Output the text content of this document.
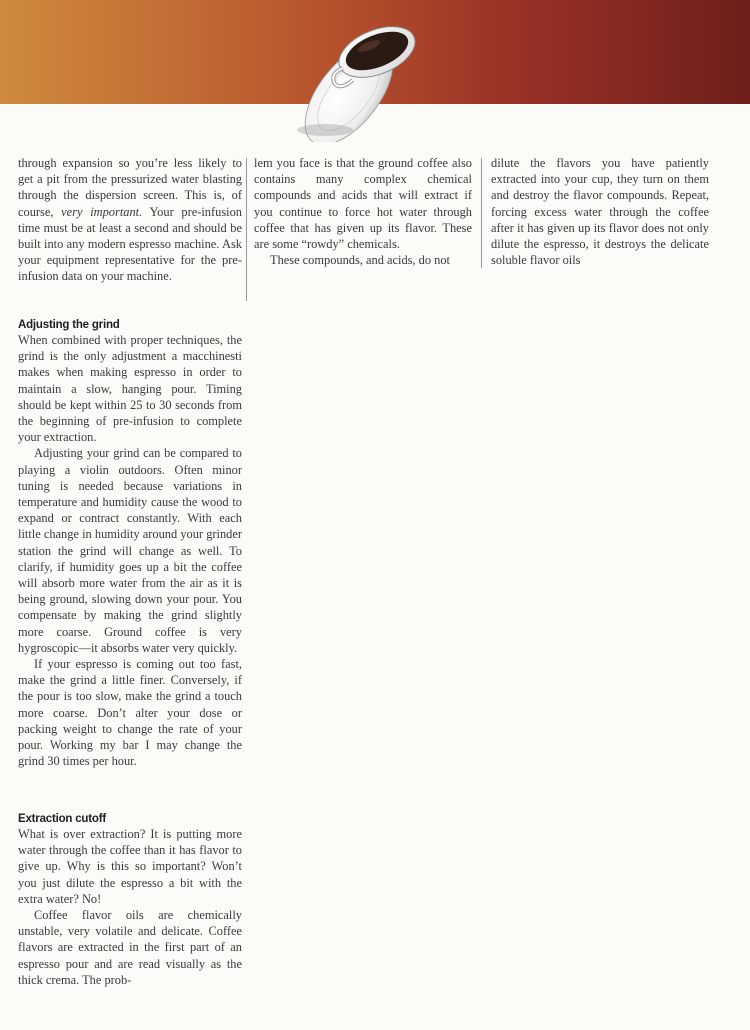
through expansion so you’re less likely to get a pit from the pressurized water blasting through the dispersion screen. This is, of course, very important. Your pre-infusion time must be at least a second and should be built into any modern espresso machine. Ask your equipment representative for the pre-infusion data on your machine.

Adjusting the grind

When combined with proper techniques, the grind is the only adjustment a macchinesti makes when making espresso in order to maintain a slow, hanging pour. Timing should be kept within 25 to 30 seconds from the beginning of pre-infusion to complete your extraction.

Adjusting your grind can be compared to playing a violin outdoors. Often minor tuning is needed because variations in temperature and humidity cause the wood to expand or contract constantly. With each little change in humidity around your grinder station the grind will change as well. To clarify, if humidity goes up a bit the coffee will absorb more water from the air as it is being ground, slowing down your pour. You compensate by making the grind slightly more coarse. Ground coffee is very hygroscopic—it absorbs water very quickly.

If your espresso is coming out too fast, make the grind a little finer. Conversely, if the pour is too slow, make the grind a touch more coarse. Don’t alter your dose or packing weight to change the rate of your pour. Working my bar I may change the grind 30 times per hour.

Extraction cutoff

What is over extraction? It is putting more water through the coffee than it has flavor to give up. Why is this so important? Won’t you just dilute the espresso a bit with the extra water? No!

Coffee flavor oils are chemically unstable, very volatile and delicate. Coffee flavors are extracted in the first part of an espresso pour and are read visually as the thick crema. The prob-

lem you face is that the ground coffee also contains many complex chemical compounds and acids that will extract if you continue to force hot water through coffee that has given up its flavor. These are some “rowdy” chemicals.

These compounds, and acids, do not

dilute the flavors you have patiently extracted into your cup, they turn on them and destroy the flavor compounds. Repeat, forcing excess water through the coffee after it has given up its flavor does not only dilute the espresso, it destroys the delicate soluble flavor oils
